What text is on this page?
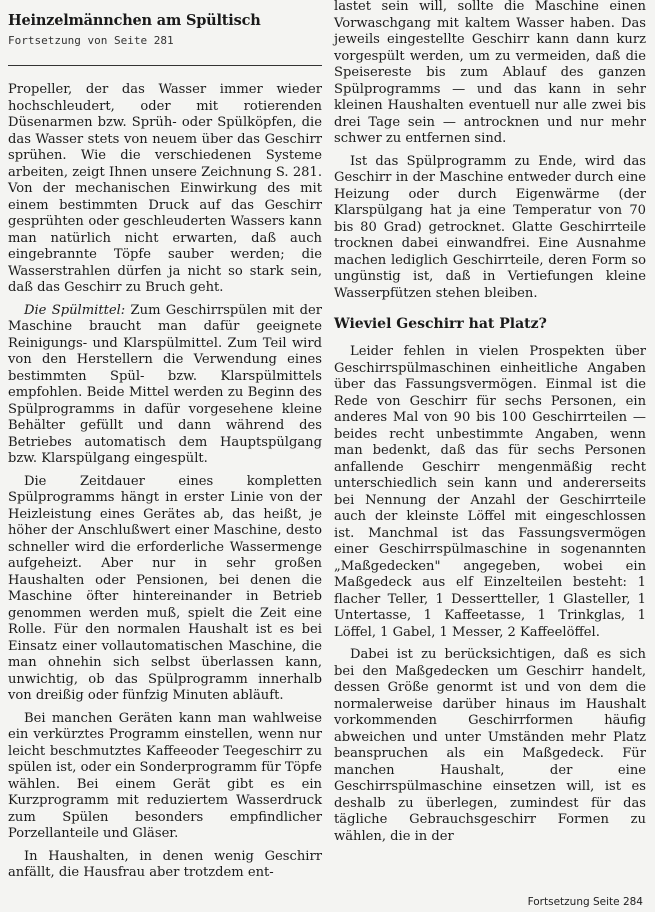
Heinzelmännchen am Spültisch
Fortsetzung von Seite 281

Propeller, der das Wasser immer wieder hochschleudert, oder mit rotierenden Düsenarmen bzw. Sprüh- oder Spülköpfen, die das Wasser stets von neuem über das Geschirr sprühen. Wie die verschiedenen Systeme arbeiten, zeigt Ihnen unsere Zeichnung S. 281. Von der mechanischen Einwirkung des mit einem bestimmten Druck auf das Geschirr gesprühten oder geschleuderten Wassers kann man natürlich nicht erwarten, daß auch eingebrannte Töpfe sauber werden; die Wasserstrahlen dürfen ja nicht so stark sein, daß das Geschirr zu Bruch geht.

Die Spülmittel: Zum Geschirrspülen mit der Maschine braucht man dafür geeignete Reinigungs- und Klarspülmittel. Zum Teil wird von den Herstellern die Verwendung eines bestimmten Spül- bzw. Klarspülmittels empfohlen. Beide Mittel werden zu Beginn des Spülprogramms in dafür vorgesehene kleine Behälter gefüllt und dann während des Betriebes automatisch dem Hauptspülgang bzw. Klarspülgang eingespült.

Die Zeitdauer eines kompletten Spülprogramms hängt in erster Linie von der Heizleistung eines Gerätes ab, das heißt, je höher der Anschlußwert einer Maschine, desto schneller wird die erforderliche Wassermenge aufgeheizt. Aber nur in sehr großen Haushalten oder Pensionen, bei denen die Maschine öfter hintereinander in Betrieb genommen werden muß, spielt die Zeit eine Rolle. Für den normalen Haushalt ist es bei Einsatz einer vollautomatischen Maschine, die man ohnehin sich selbst überlassen kann, unwichtig, ob das Spülprogramm innerhalb von dreißig oder fünfzig Minuten abläuft.

Bei manchen Geräten kann man wahlweise ein verkürztes Programm einstellen, wenn nur leicht beschmutztes Kaffeeoder Teegeschirr zu spülen ist, oder ein Sonderprogramm für Töpfe wählen. Bei einem Gerät gibt es ein Kurzprogramm mit reduziertem Wasserdruck zum Spülen besonders empfindlicher Porzellanteile und Gläser.

In Haushalten, in denen wenig Geschirr anfällt, die Hausfrau aber trotzdem ent-

lastet sein will, sollte die Maschine einen Vorwaschgang mit kaltem Wasser haben. Das jeweils eingestellte Geschirr kann dann kurz vorgespült werden, um zu vermeiden, daß die Speisereste bis zum Ablauf des ganzen Spülprogramms — und das kann in sehr kleinen Haushalten eventuell nur alle zwei bis drei Tage sein — antrocknen und nur mehr schwer zu entfernen sind.

Ist das Spülprogramm zu Ende, wird das Geschirr in der Maschine entweder durch eine Heizung oder durch Eigenwärme (der Klarspülgang hat ja eine Temperatur von 70 bis 80 Grad) getrocknet. Glatte Geschirrteile trocknen dabei einwandfrei. Eine Ausnahme machen lediglich Geschirrteile, deren Form so ungünstig ist, daß in Vertiefungen kleine Wasserpfützen stehen bleiben.

Wieviel Geschirr hat Platz?

Leider fehlen in vielen Prospekten über Geschirrspülmaschinen einheitliche Angaben über das Fassungsvermögen. Einmal ist die Rede von Geschirr für sechs Personen, ein anderes Mal von 90 bis 100 Geschirrteilen — beides recht unbestimmte Angaben, wenn man bedenkt, daß das für sechs Personen anfallende Geschirr mengenmäßig recht unterschiedlich sein kann und andererseits bei Nennung der Anzahl der Geschirrteile auch der kleinste Löffel mit eingeschlossen ist. Manchmal ist das Fassungsvermögen einer Geschirrspülmaschine in sogenannten „Maßgedecken" angegeben, wobei ein Maßgedeck aus elf Einzelteilen besteht: 1 flacher Teller, 1 Dessertteller, 1 Glasteller, 1 Untertasse, 1 Kaffeetasse, 1 Trinkglas, 1 Löffel, 1 Gabel, 1 Messer, 2 Kaffeelöffel.

Dabei ist zu berücksichtigen, daß es sich bei den Maßgedecken um Geschirr handelt, dessen Größe genormt ist und von dem die normalerweise darüber hinaus im Haushalt vorkommenden Geschirrformen häufig abweichen und unter Umständen mehr Platz beanspruchen als ein Maßgedeck. Für manchen Haushalt, der eine Geschirrspülmaschine einsetzen will, ist es deshalb zu überlegen, zumindest für das tägliche Gebrauchsgeschirr Formen zu wählen, die in der

Fortsetzung Seite 284
